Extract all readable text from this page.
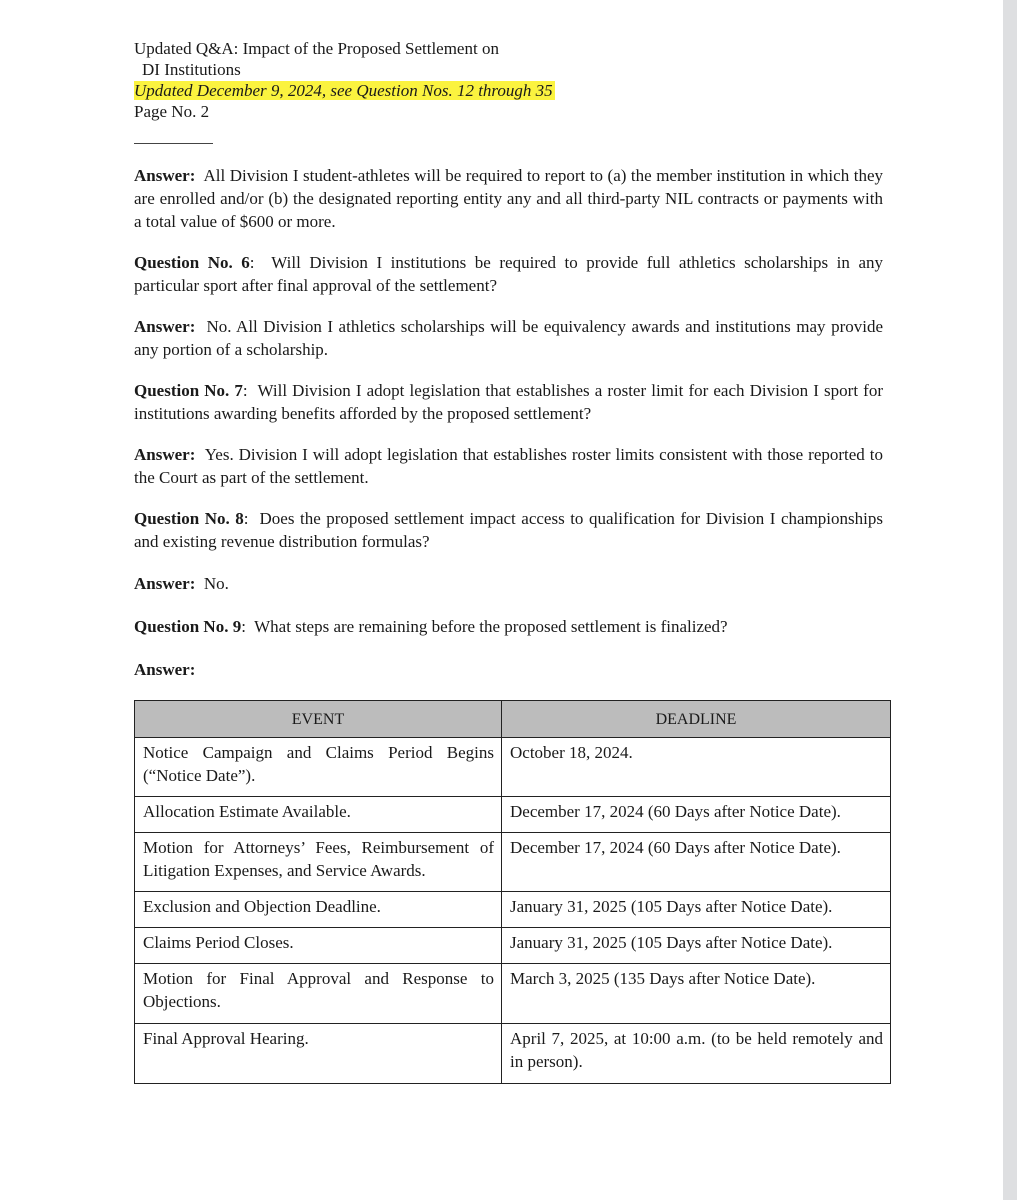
Updated Q&A: Impact of the Proposed Settlement on
DI Institutions
Updated December 9, 2024, see Question Nos. 12 through 35
Page No. 2

Answer: All Division I student-athletes will be required to report to (a) the member institution in which they are enrolled and/or (b) the designated reporting entity any and all third-party NIL contracts or payments with a total value of $600 or more.

Question No. 6:  Will Division I institutions be required to provide full athletics scholarships in any particular sport after final approval of the settlement?

Answer: No. All Division I athletics scholarships will be equivalency awards and institutions may provide any portion of a scholarship.

Question No. 7:  Will Division I adopt legislation that establishes a roster limit for each Division I sport for institutions awarding benefits afforded by the proposed settlement?

Answer: Yes. Division I will adopt legislation that establishes roster limits consistent with those reported to the Court as part of the settlement.

Question No. 8:  Does the proposed settlement impact access to qualification for Division I championships and existing revenue distribution formulas?

Answer: No.

Question No. 9:  What steps are remaining before the proposed settlement is finalized?

Answer:

EVENT	DEADLINE
Notice Campaign and Claims Period Begins (“Notice Date”).	October 18, 2024.
Allocation Estimate Available.	December 17, 2024 (60 Days after Notice Date).
Motion for Attorneys’ Fees, Reimbursement of Litigation Expenses, and Service Awards.	December 17, 2024 (60 Days after Notice Date).
Exclusion and Objection Deadline.	January 31, 2025 (105 Days after Notice Date).
Claims Period Closes.	January 31, 2025 (105 Days after Notice Date).
Motion for Final Approval and Response to Objections.	March 3, 2025 (135 Days after Notice Date).
Final Approval Hearing.	April 7, 2025, at 10:00 a.m. (to be held remotely and in person).
